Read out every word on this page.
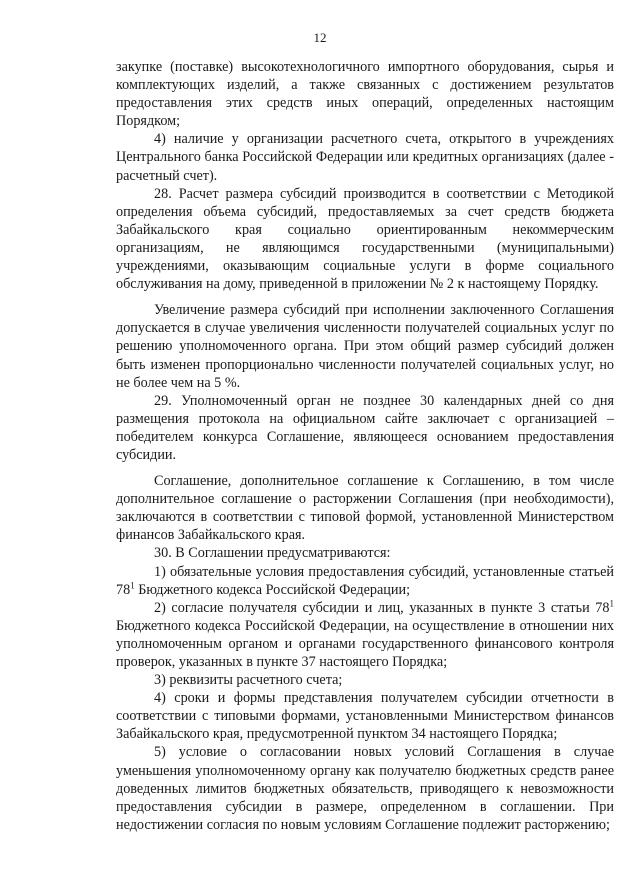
12

закупке (поставке) высокотехнологичного импортного оборудования, сырья и комплектующих изделий, а также связанных с достижением результатов предоставления этих средств иных операций, определенных настоящим Порядком;

4) наличие у организации расчетного счета, открытого в учреждениях Центрального банка Российской Федерации или кредитных организациях (далее - расчетный счет).

28. Расчет размера субсидий производится в соответствии с Методикой определения объема субсидий, предоставляемых за счет средств бюджета Забайкальского края социально ориентированным некоммерческим организациям, не являющимся государственными (муниципальными) учреждениями, оказывающим социальные услуги в форме социального обслуживания на дому, приведенной в приложении № 2 к настоящему Порядку.

Увеличение размера субсидий при исполнении заключенного Соглашения допускается в случае увеличения численности получателей социальных услуг по решению уполномоченного органа. При этом общий размер субсидий должен быть изменен пропорционально численности получателей социальных услуг, но не более чем на 5 %.

29. Уполномоченный орган не позднее 30 календарных дней со дня размещения протокола на официальном сайте заключает с организацией – победителем конкурса Соглашение, являющееся основанием предоставления субсидии.

Соглашение, дополнительное соглашение к Соглашению, в том числе дополнительное соглашение о расторжении Соглашения (при необходимости), заключаются в соответствии с типовой формой, установленной Министерством финансов Забайкальского края.

30. В Соглашении предусматриваются:

1) обязательные условия предоставления субсидий, установленные статьей $78^1$ Бюджетного кодекса Российской Федерации;

2) согласие получателя субсидии и лиц, указанных в пункте 3 статьи $78^1$ Бюджетного кодекса Российской Федерации, на осуществление в отношении них уполномоченным органом и органами государственного финансового контроля проверок, указанных в пункте 37 настоящего Порядка;

3) реквизиты расчетного счета;

4) сроки и формы представления получателем субсидии отчетности в соответствии с типовыми формами, установленными Министерством финансов Забайкальского края, предусмотренной пунктом 34 настоящего Порядка;

5) условие о согласовании новых условий Соглашения в случае уменьшения уполномоченному органу как получателю бюджетных средств ранее доведенных лимитов бюджетных обязательств, приводящего к невозможности предоставления субсидии в размере, определенном в соглашении. При недостижении согласия по новым условиям Соглашение подлежит расторжению;
